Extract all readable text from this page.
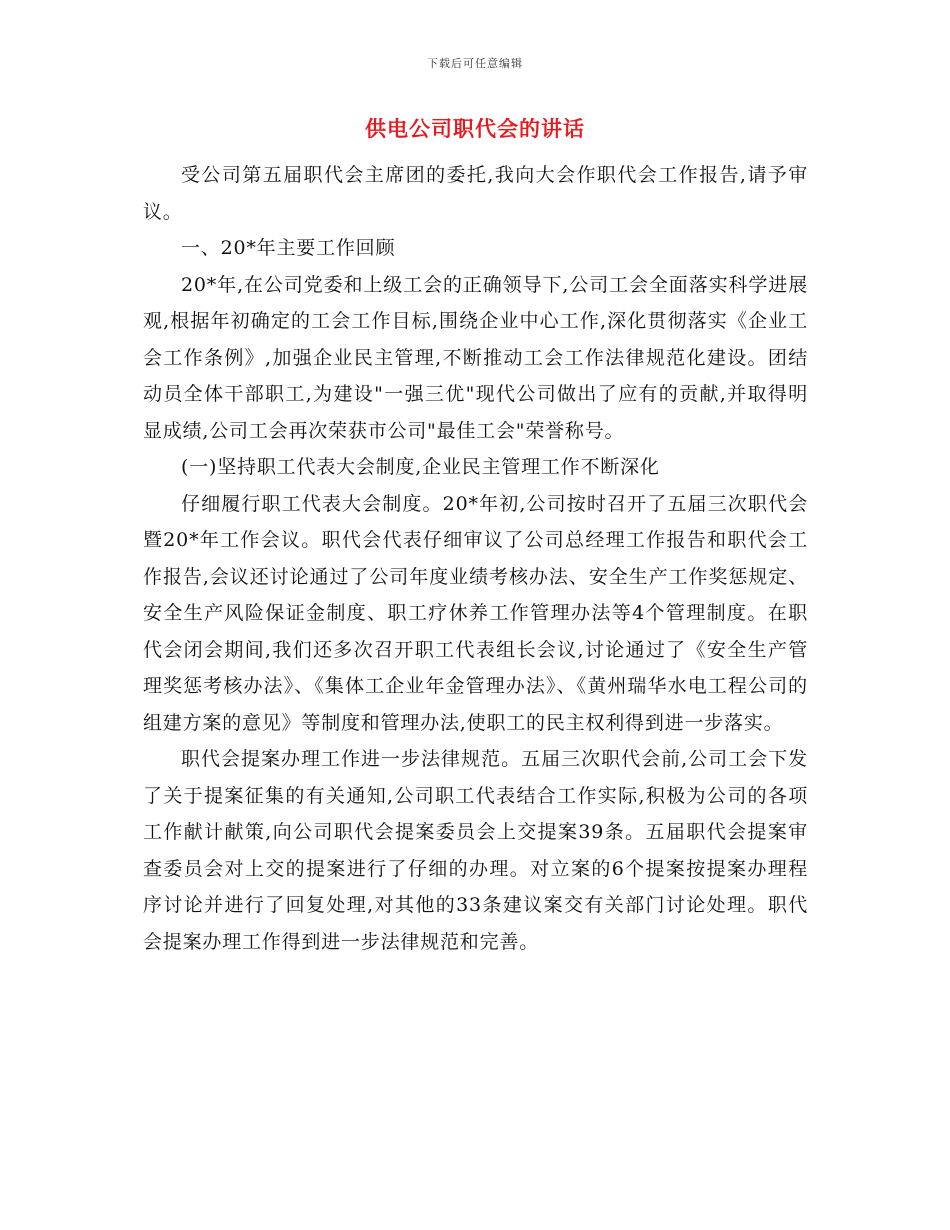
下载后可任意编辑
供电公司职代会的讲话

受公司第五届职代会主席团的委托,我向大会作职代会工作报告,请予审议。

一、20*年主要工作回顾

20*年,在公司党委和上级工会的正确领导下,公司工会全面落实科学进展观,根据年初确定的工会工作目标,围绕企业中心工作,深化贯彻落实《企业工会工作条例》,加强企业民主管理,不断推动工会工作法律规范化建设。团结动员全体干部职工,为建设"一强三优"现代公司做出了应有的贡献,并取得明显成绩,公司工会再次荣获市公司"最佳工会"荣誉称号。

(一)坚持职工代表大会制度,企业民主管理工作不断深化

仔细履行职工代表大会制度。20*年初,公司按时召开了五届三次职代会暨20*年工作会议。职代会代表仔细审议了公司总经理工作报告和职代会工作报告,会议还讨论通过了公司年度业绩考核办法、安全生产工作奖惩规定、安全生产风险保证金制度、职工疗休养工作管理办法等4个管理制度。在职代会闭会期间,我们还多次召开职工代表组长会议,讨论通过了《安全生产管理奖惩考核办法》、《集体工企业年金管理办法》、《黄州瑞华水电工程公司的组建方案的意见》等制度和管理办法,使职工的民主权利得到进一步落实。

职代会提案办理工作进一步法律规范。五届三次职代会前,公司工会下发了关于提案征集的有关通知,公司职工代表结合工作实际,积极为公司的各项工作献计献策,向公司职代会提案委员会上交提案39条。五届职代会提案审查委员会对上交的提案进行了仔细的办理。对立案的6个提案按提案办理程序讨论并进行了回复处理,对其他的33条建议案交有关部门讨论处理。职代会提案办理工作得到进一步法律规范和完善。
